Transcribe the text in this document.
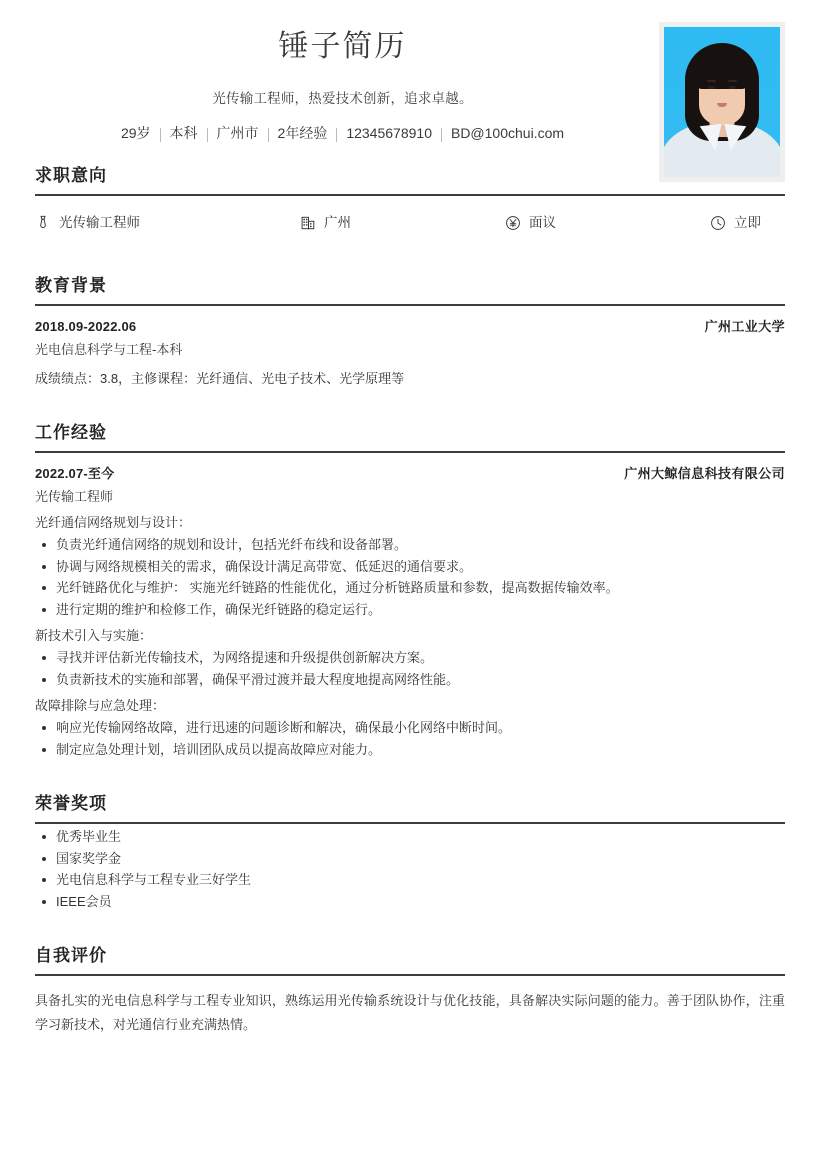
锤子简历
光传输工程师，热爱技术创新，追求卓越。
29岁 本科 广州市 2年经验 12345678910 BD@100chui.com
求职意向
光传输工程师	广州	面议	立即
教育背景
2018.09-2022.06	广州工业大学
光电信息科学与工程-本科
成绩绩点：3.8，主修课程：光纤通信、光电子技术、光学原理等
工作经验
2022.07-至今	广州大鲸信息科技有限公司
光传输工程师
光纤通信网络规划与设计：
负责光纤通信网络的规划和设计，包括光纤布线和设备部署。
协调与网络规模相关的需求，确保设计满足高带宽、低延迟的通信要求。
光纤链路优化与维护： 实施光纤链路的性能优化，通过分析链路质量和参数，提高数据传输效率。
进行定期的维护和检修工作，确保光纤链路的稳定运行。
新技术引入与实施：
寻找并评估新光传输技术，为网络提速和升级提供创新解决方案。
负责新技术的实施和部署，确保平滑过渡并最大程度地提高网络性能。
故障排除与应急处理：
响应光传输网络故障，进行迅速的问题诊断和解决，确保最小化网络中断时间。
制定应急处理计划，培训团队成员以提高故障应对能力。
荣誉奖项
优秀毕业生
国家奖学金
光电信息科学与工程专业三好学生
IEEE会员
自我评价
具备扎实的光电信息科学与工程专业知识，熟练运用光传输系统设计与优化技能，具备解决实际问题的能力。善于团队协作，注重学习新技术，对光通信行业充满热情。
